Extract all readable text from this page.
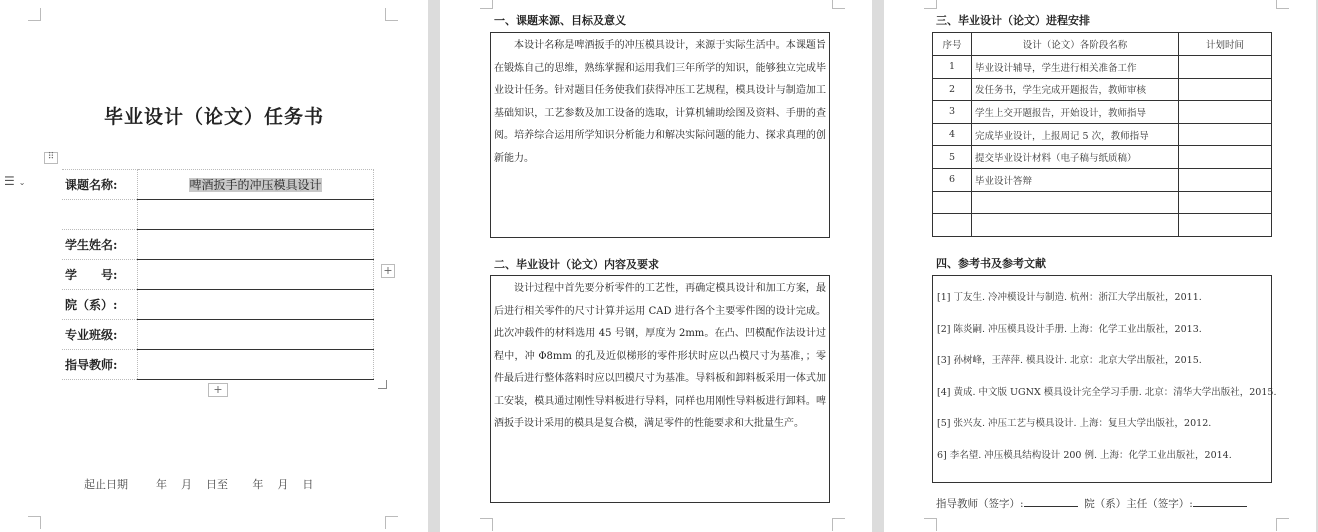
毕业设计（论文）任务书
⠿
☰ ⌄	课题名称:	啤酒扳手的冲压模具设计

学生姓名:	
学　　号:	
院（系）:	
专业班级:	
指导教师:	
+
+
起止日期        年    月    日至       年    月    日
一、课题来源、目标及意义

本设计名称是啤酒扳手的冲压模具设计，来源于实际生活中。本课题旨在锻炼自己的思维，熟练掌握和运用我们三年所学的知识，能够独立完成毕业设计任务。针对题目任务使我们获得冲压工艺规程，模具设计与制造加工基础知识，工艺参数及加工设备的选取，计算机辅助绘图及资料、手册的查阅。培养综合运用所学知识分析能力和解决实际问题的能力、探求真理的创新能力。

二、毕业设计（论文）内容及要求

设计过程中首先要分析零件的工艺性，再确定模具设计和加工方案，最后进行相关零件的尺寸计算并运用 CAD 进行各个主要零件图的设计完成。此次冲载件的材料选用 45 号钢，厚度为 2mm。在凸、凹模配作法设计过程中，冲 Φ8mm 的孔及近似梯形的零件形状时应以凸模尺寸为基准，；零件最后进行整体落料时应以凹模尺寸为基准。导料板和卸料板采用一体式加工安装，模具通过刚性导料板进行导料，同样也用刚性导料板进行卸料。啤酒扳手设计采用的模具是复合模，满足零件的性能要求和大批量生产。

三、毕业设计（论文）进程安排
序号	设计（论文）各阶段名称	计划时间
1	毕业设计辅导，学生进行相关准备工作	
2	发任务书，学生完成开题报告，教师审核	
3	学生上交开题报告，开始设计，教师指导	
4	完成毕业设计，上报周记 5 次，教师指导	
5	提交毕业设计材料（电子稿与纸质稿）	
6	毕业设计答辩	

四、参考书及参考文献
[1] 丁友生. 冷冲模设计与制造. 杭州：浙江大学出版社，2011.
[2] 陈炎嗣. 冲压模具设计手册. 上海：化学工业出版社，2013.
[3] 孙树峰，王萍萍. 模具设计. 北京：北京大学出版社，2015.
[4] 黄成. 中文版 UGNX 模具设计完全学习手册. 北京：清华大学出版社，2015.
[5] 张兴友. 冲压工艺与模具设计. 上海：复旦大学出版社，2012.
6] 李名望. 冲压模具结构设计 200 例. 上海：化学工业出版社，2014.
指导教师（签字）:	院（系）主任（签字）:
